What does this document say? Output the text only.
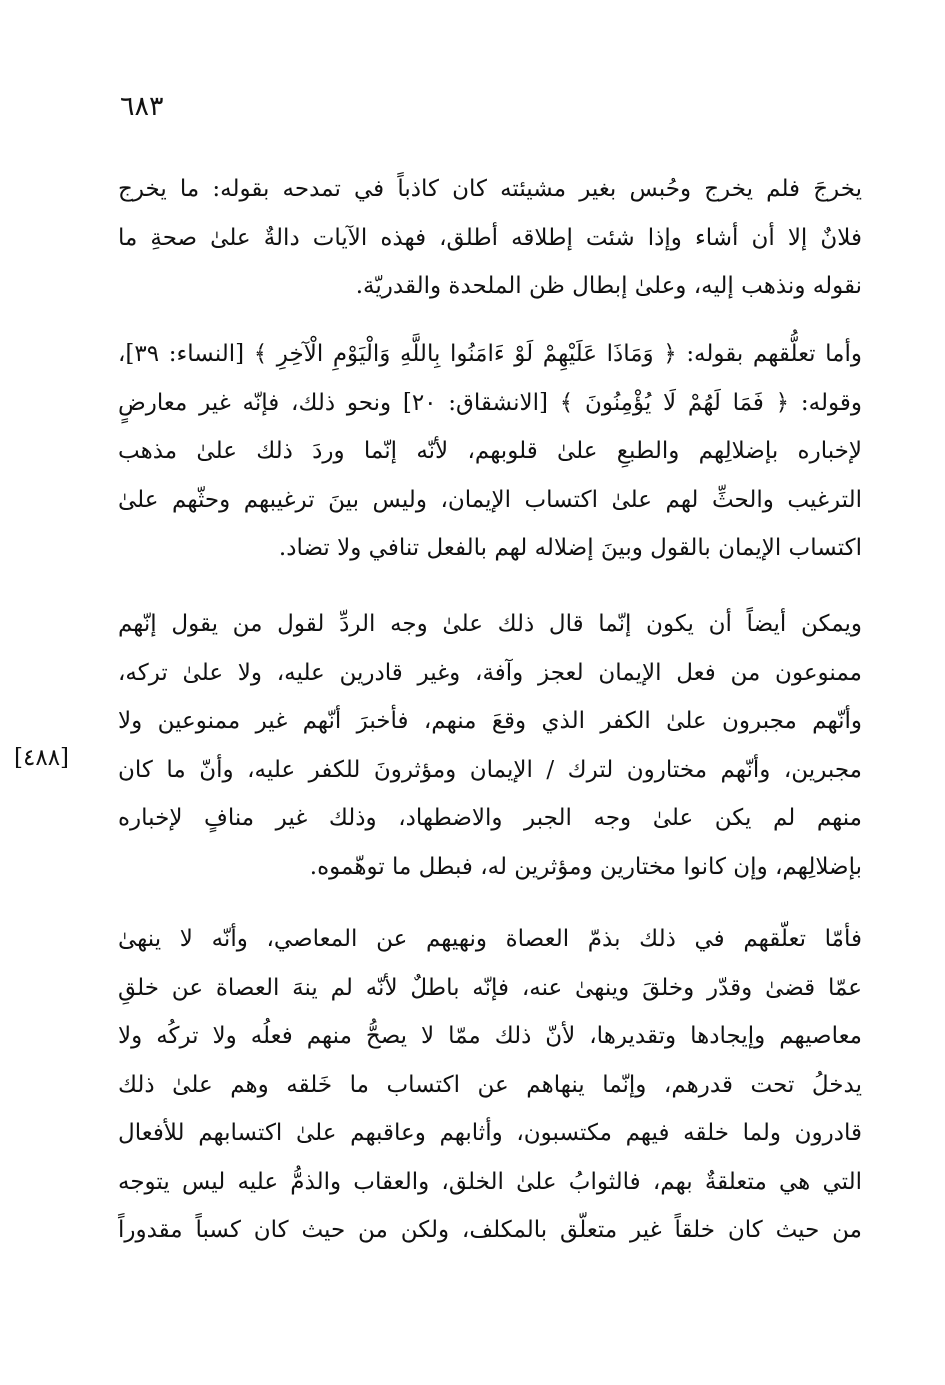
٦٨٣
[٤٨٨]
يخرجَ فلم يخرج وحُبس بغير مشيئته كان كاذباً في تمدحه بقوله: ما يخرج
فلانٌ إلا أن أشاء وإذا شئت إطلاقه أطلق، فهذه الآيات دالةٌ علىٰ صحةِ ما
نقوله ونذهب إليه، وعلىٰ إبطال ظن الملحدة والقدريّة.
وأما تعلُّقهم بقوله: ﴿ وَمَاذَا عَلَيْهِمْ لَوْ ءَامَنُوا بِاللَّهِ وَالْيَوْمِ الْآخِرِ ﴾ [النساء: ٣٩]،
وقوله: ﴿ فَمَا لَهُمْ لَا يُؤْمِنُونَ ﴾ [الانشقاق: ٢٠] ونحو ذلك، فإنّه غير معارضٍ
لإخباره بإضلالِهم والطبعِ علىٰ قلوبهم، لأنّه إنّما وردَ ذلك علىٰ مذهب
الترغيب والحثِّ لهم علىٰ اكتساب الإيمان، وليس بينَ ترغيبهم وحثّهم علىٰ
اكتساب الإيمان بالقول وبينَ إضلاله لهم بالفعل تنافي ولا تضاد.
ويمكن أيضاً أن يكون إنّما قال ذلك علىٰ وجه الردِّ لقول من يقول إنّهم
ممنوعون من فعل الإيمان لعجز وآفة، وغير قادرين عليه، ولا علىٰ تركه،
وأنّهم مجبرون علىٰ الكفر الذي وقعَ منهم، فأخبرَ أنّهم غير ممنوعين ولا
مجبرين، وأنّهم مختارون لترك / الإيمان ومؤثرونَ للكفر عليه، وأنّ ما كان
منهم لم يكن علىٰ وجه الجبر والاضطهاد، وذلك غير منافٍ لإخباره
بإضلالِهم، وإن كانوا مختارين ومؤثرين له، فبطل ما توهّموه.
فأمّا تعلّقهم في ذلك بذمّ العصاة ونهيهم عن المعاصي، وأنّه لا ينهىٰ
عمّا قضىٰ وقدّر وخلقَ وينهىٰ عنه، فإنّه باطلٌ لأنّه لم ينهَ العصاة عن خلقِ
معاصيهم وإيجادها وتقديرها، لأنّ ذلك ممّا لا يصحُّ منهم فعلُه ولا تركُه ولا
يدخلُ تحت قدرهم، وإنّما ينهاهم عن اكتساب ما خَلقه وهم علىٰ ذلك
قادرون ولما خلقه فيهم مكتسبون، وأثابهم وعاقبهم علىٰ اكتسابهم للأفعال
التي هي متعلقةٌ بهم، فالثوابُ علىٰ الخلق، والعقاب والذمُّ عليه ليس يتوجه
من حيث كان خلقاً غير متعلّق بالمكلف، ولكن من حيث كان كسباً مقدوراً
